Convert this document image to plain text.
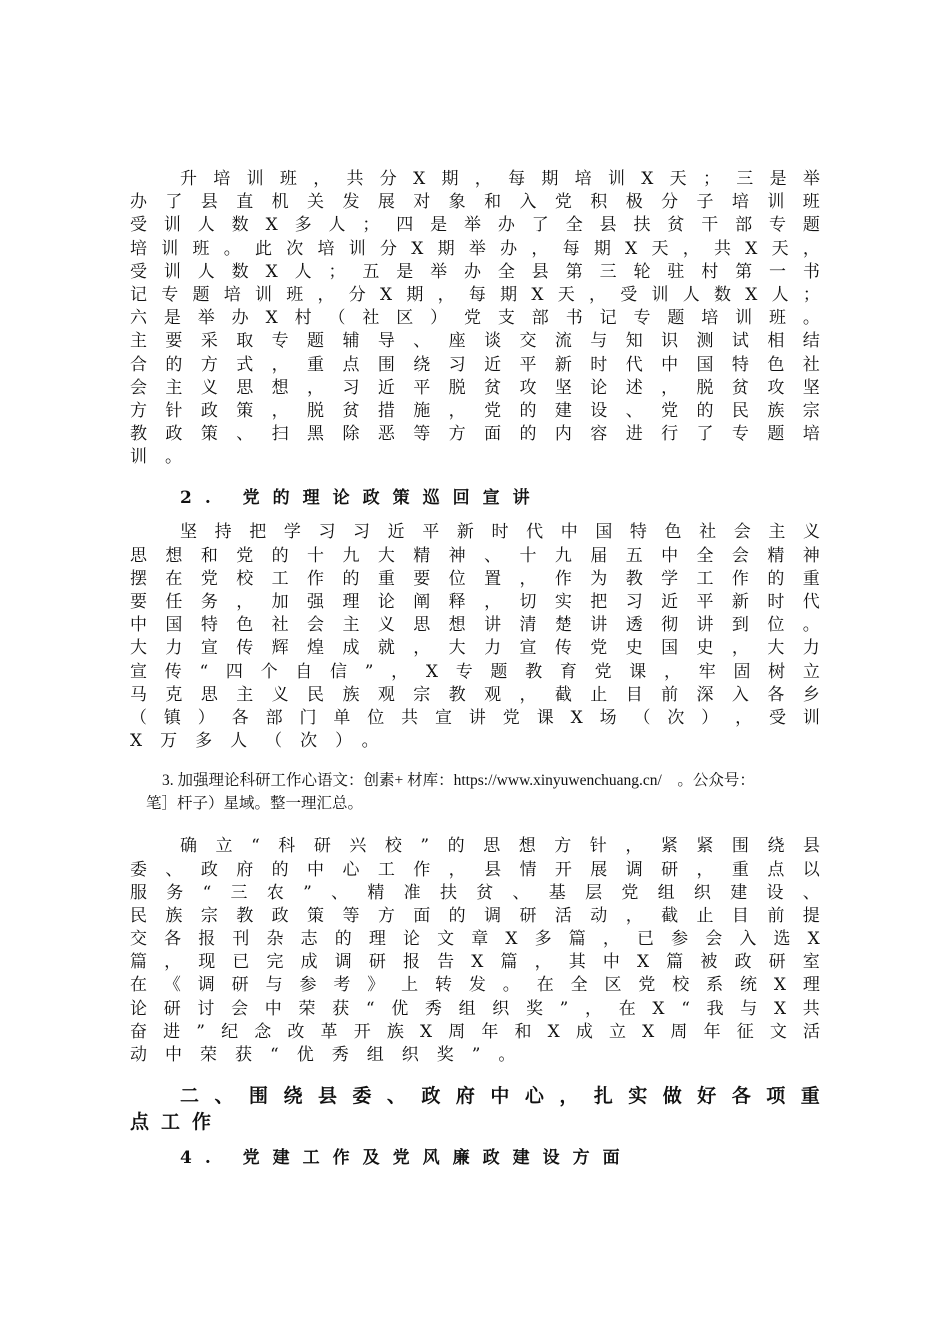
升 培 训 班 ， 共 分 X 期 ， 每 期 培 训 X 天 ； 三 是 举
办 了 县 直 机 关 发 展 对 象 和 入 党 积 极 分 子 培 训 班
受 训 人 数 X 多 人 ； 四 是 举 办 了 全 县 扶 贫 干 部 专 题
培 训 班 。 此 次 培 训 分 X 期 举 办 ， 每 期 X 天 ， 共 X 天 ，
受 训 人 数 X 人 ； 五 是 举 办 全 县 第 三 轮 驻 村 第 一 书
记 专 题 培 训 班 ， 分 X 期 ， 每 期 X 天 ， 受 训 人 数 X 人 ；
六 是 举 办 X 村 （ 社 区 ） 党 支 部 书 记 专 题 培 训 班 。
主 要 采 取 专 题 辅 导 、 座 谈 交 流 与 知 识 测 试 相 结
合 的 方 式 ， 重 点 围 绕 习 近 平 新 时 代 中 国 特 色 社
会 主 义 思 想 ， 习 近 平 脱 贫 攻 坚 论 述 ， 脱 贫 攻 坚
方 针 政 策 ， 脱 贫 措 施 ， 党 的 建 设 、 党 的 民 族 宗
教 政 策 、 扫 黑 除 恶 等 方 面 的 内 容 进 行 了 专 题 培
训。
2. 党的理论政策巡回宣讲
坚 持 把 学 习 习 近 平 新 时 代 中 国 特 色 社 会 主 义
思 想 和 党 的 十 九 大 精 神 、 十 九 届 五 中 全 会 精 神
摆 在 党 校 工 作 的 重 要 位 置 ， 作 为 教 学 工 作 的 重
要 任 务 ， 加 强 理 论 阐 释 ， 切 实 把 习 近 平 新 时 代
中 国 特 色 社 会 主 义 思 想 讲 清 楚 讲 透 彻 讲 到 位 。
大 力 宣 传 辉 煌 成 就 ， 大 力 宣 传 党 史 国 史 ， 大 力
宣 传 “ 四 个 自 信 ” ， X 专 题 教 育 党 课 ， 牢 固 树 立
马 克 思 主 义 民 族 观 宗 教 观 ， 截 止 目 前 深 入 各 乡
（ 镇 ） 各 部 门 单 位 共 宣 讲 党 课 X 场 （ 次 ） ， 受 训
X万多人（次）。
3. 加强理论科研工作心语文：创素+ 材库：https://www.xinyuwenchuang.cn/　。公众号：
笔］杆子）星域。整一理汇总。
确 立 “ 科 研 兴 校 ” 的 思 想 方 针 ， 紧 紧 围 绕 县
委 、 政 府 的 中 心 工 作 ， 县 情 开 展 调 研 ， 重 点 以
服 务 “ 三 农 ” 、 精 准 扶 贫 、 基 层 党 组 织 建 设 、
民 族 宗 教 政 策 等 方 面 的 调 研 活 动 ， 截 止 目 前 提
交 各 报 刊 杂 志 的 理 论 文 章 X 多 篇 ， 已 参 会 入 选 X
篇 ， 现 已 完 成 调 研 报 告 X 篇 ， 其 中 X 篇 被 政 研 室
在 《 调 研 与 参 考 》 上 转 发 。 在 全 区 党 校 系 统 X 理
论 研 讨 会 中 荣 获 “ 优 秀 组 织 奖 ” ， 在 X “ 我 与 X 共
奋 进 ” 纪 念 改 革 开 族 X 周 年 和 X 成 立 X 周 年 征 文 活
动中荣获“优秀组织奖”。
二 、 围 绕 县 委 、 政 府 中 心 ， 扎 实 做 好 各 项 重
点工作
4. 党建工作及党风廉政建设方面
